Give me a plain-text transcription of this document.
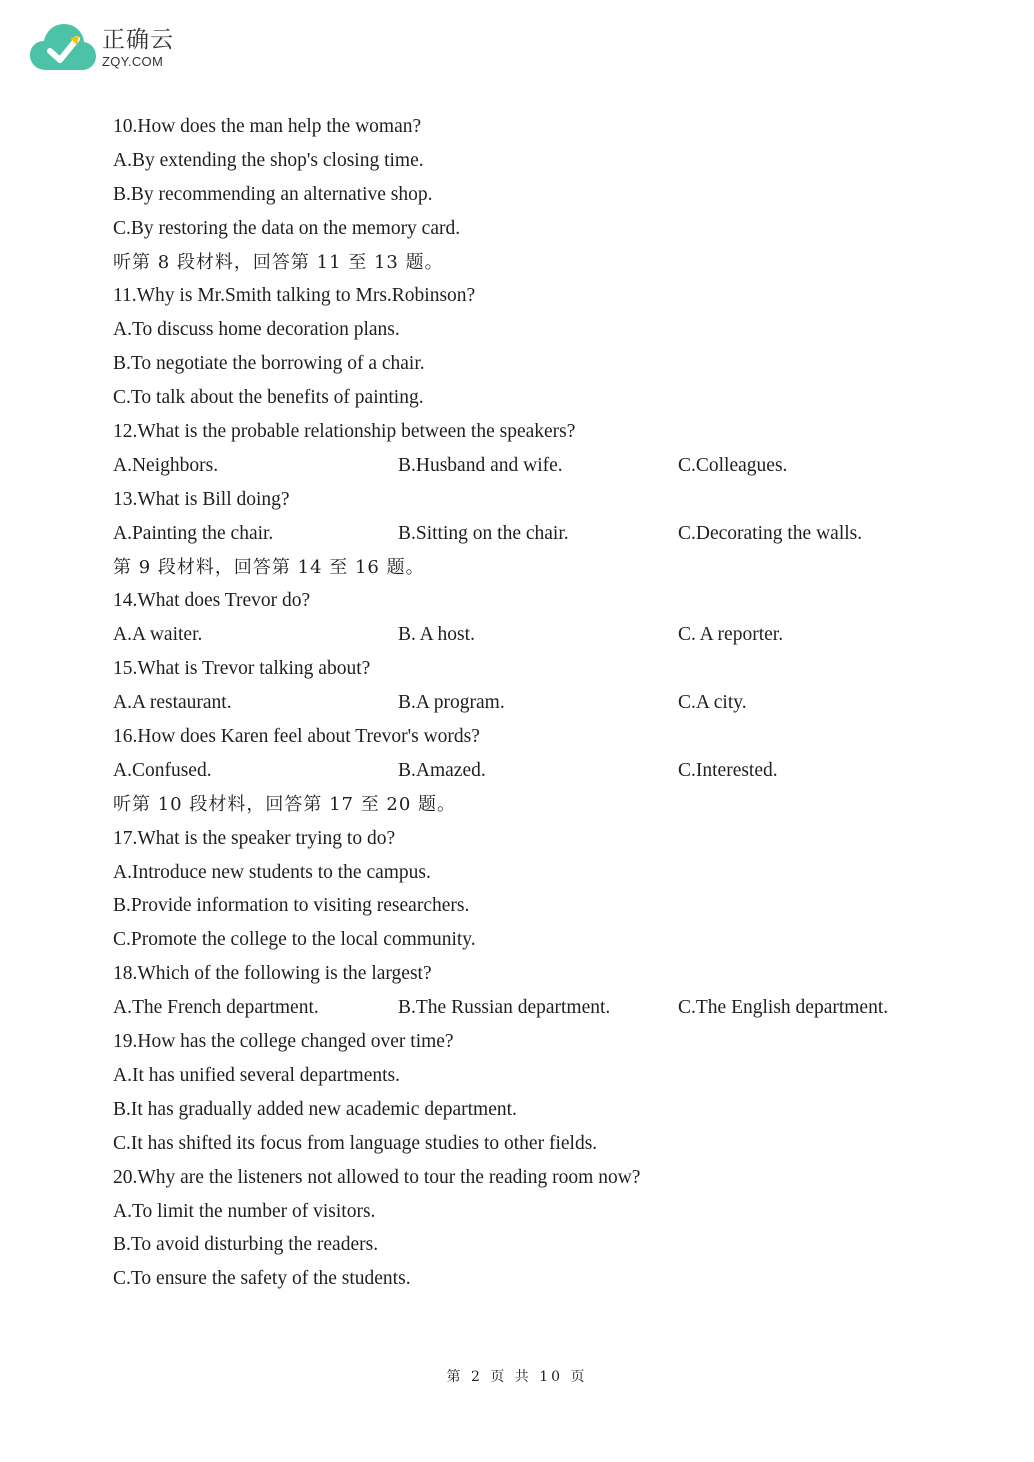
正确云
ZQY.COM
10.How does the man help the woman?
A.By extending the shop's closing time.
B.By recommending an alternative shop.
C.By restoring the data on the memory card.
听第 8 段材料，回答第 11 至 13 题。
11.Why is Mr.Smith talking to Mrs.Robinson?
A.To discuss home decoration plans.
B.To negotiate the borrowing of a chair.
C.To talk about the benefits of painting.
12.What is the probable relationship between the speakers?
A.Neighbors.	B.Husband and wife.	C.Colleagues.
13.What is Bill doing?
A.Painting the chair.	B.Sitting on the chair.	C.Decorating the walls.
第 9 段材料，回答第 14 至 16 题。
14.What does Trevor do?
A.A waiter.	B. A host.	C. A reporter.
15.What is Trevor talking about?
A.A restaurant.	B.A program.	C.A city.
16.How does Karen feel about Trevor's words?
A.Confused.	B.Amazed.	C.Interested.
听第 10 段材料，回答第 17 至 20 题。
17.What is the speaker trying to do?
A.Introduce new students to the campus.
B.Provide information to visiting researchers.
C.Promote the college to the local community.
18.Which of the following is the largest?
A.The French department.	B.The Russian department.	C.The English department.
19.How has the college changed over time?
A.It has unified several departments.
B.It has gradually added new academic department.
C.It has shifted its focus from language studies to other fields.
20.Why are the listeners not allowed to tour the reading room now?
A.To limit the number of visitors.
B.To avoid disturbing the readers.
C.To ensure the safety of the students.
第 2 页 共 10 页
